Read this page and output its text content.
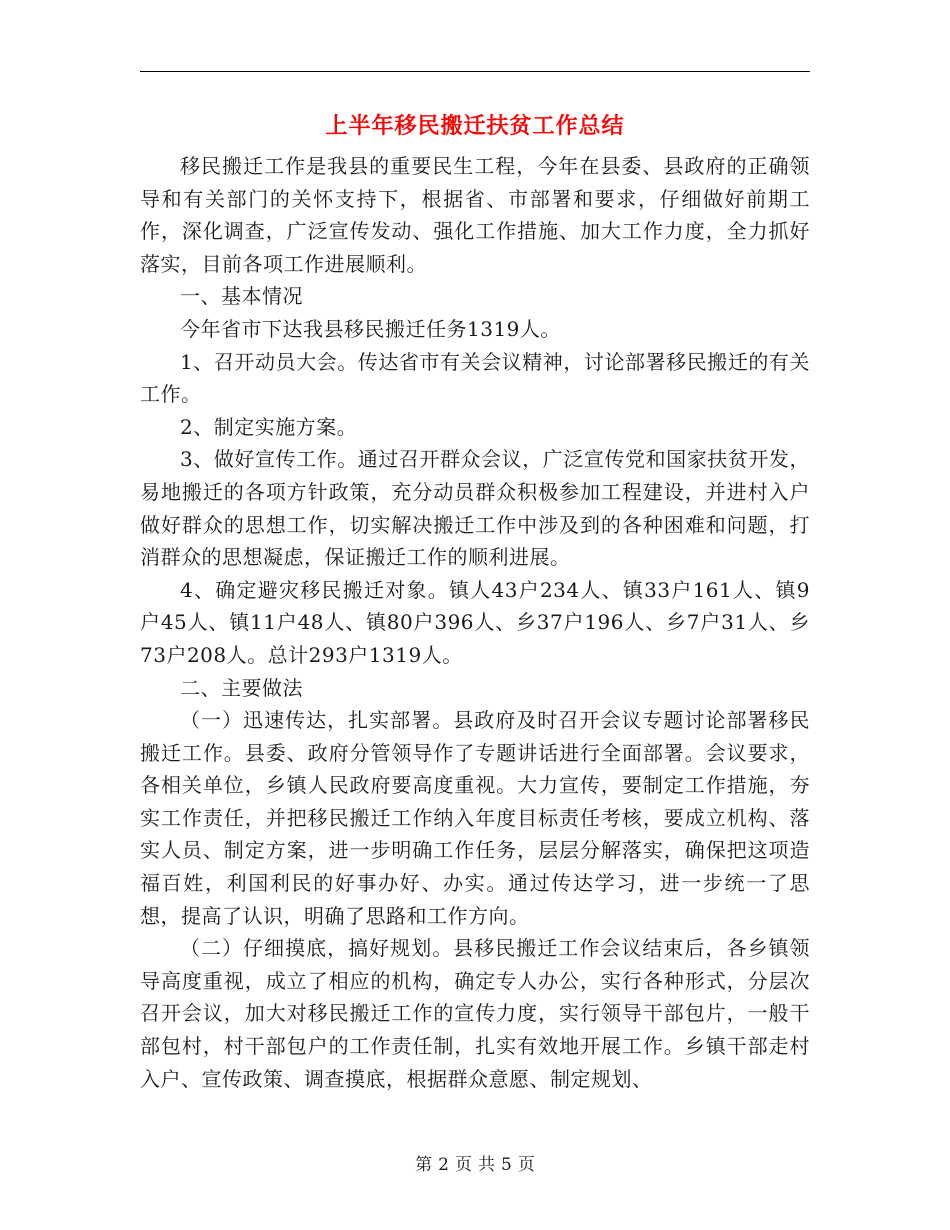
上半年移民搬迁扶贫工作总结

移民搬迁工作是我县的重要民生工程，今年在县委、县政府的正确领导和有关部门的关怀支持下，根据省、市部署和要求，仔细做好前期工作，深化调查，广泛宣传发动、强化工作措施、加大工作力度，全力抓好落实，目前各项工作进展顺利。

一、基本情况

今年省市下达我县移民搬迁任务1319人。

1、召开动员大会。传达省市有关会议精神，讨论部署移民搬迁的有关工作。

2、制定实施方案。

3、做好宣传工作。通过召开群众会议，广泛宣传党和国家扶贫开发，易地搬迁的各项方针政策，充分动员群众积极参加工程建设，并进村入户做好群众的思想工作，切实解决搬迁工作中涉及到的各种困难和问题，打消群众的思想凝虑，保证搬迁工作的顺利进展。

4、确定避灾移民搬迁对象。镇人43户234人、镇33户161人、镇9户45人、镇11户48人、镇80户396人、乡37户196人、乡7户31人、乡73户208人。总计293户1319人。

二、主要做法

（一）迅速传达，扎实部署。县政府及时召开会议专题讨论部署移民搬迁工作。县委、政府分管领导作了专题讲话进行全面部署。会议要求，各相关单位，乡镇人民政府要高度重视。大力宣传，要制定工作措施，夯实工作责任，并把移民搬迁工作纳入年度目标责任考核，要成立机构、落实人员、制定方案，进一步明确工作任务，层层分解落实，确保把这项造福百姓，利国利民的好事办好、办实。通过传达学习，进一步统一了思想，提高了认识，明确了思路和工作方向。

（二）仔细摸底，搞好规划。县移民搬迁工作会议结束后，各乡镇领导高度重视，成立了相应的机构，确定专人办公，实行各种形式，分层次召开会议，加大对移民搬迁工作的宣传力度，实行领导干部包片，一般干部包村，村干部包户的工作责任制，扎实有效地开展工作。乡镇干部走村入户、宣传政策、调查摸底，根据群众意愿、制定规划、

第 2 页 共 5 页
